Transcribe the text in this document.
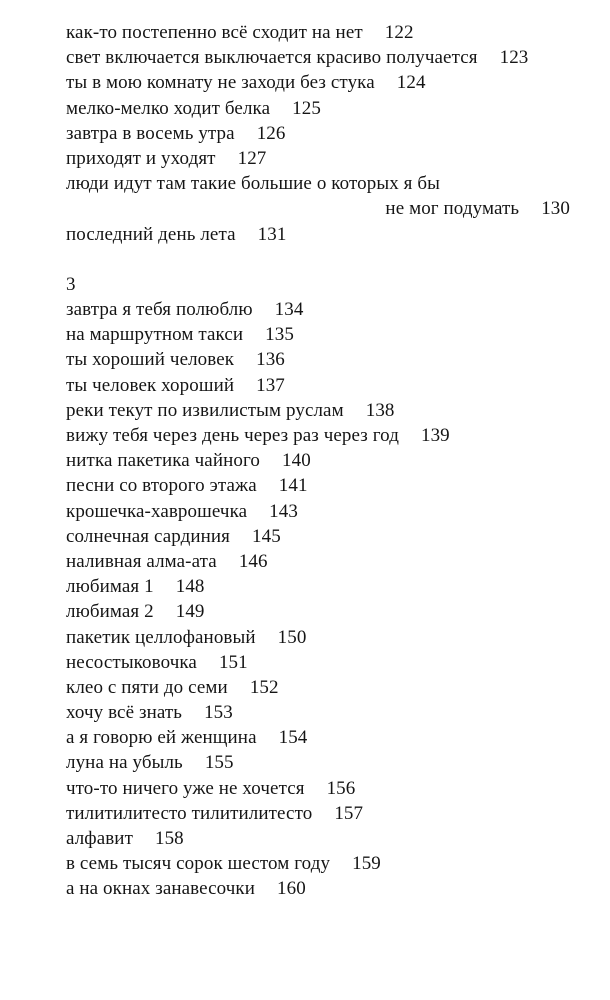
как-то постепенно всё сходит на нет 122
свет включается выключается красиво получается 123
ты в мою комнату не заходи без стука 124
мелко-мелко ходит белка 125
завтра в восемь утра 126
приходят и уходят 127
люди идут там такие большие о которых я бы
не мог подумать 130
последний день лета 131
3
завтра я тебя полюблю 134
на маршрутном такси 135
ты хороший человек 136
ты человек хороший 137
реки текут по извилистым руслам 138
вижу тебя через день через раз через год 139
нитка пакетика чайного 140
песни со второго этажа 141
крошечка-хаврошечка 143
солнечная сардиния 145
наливная алма-ата 146
любимая 1 148
любимая 2 149
пакетик целлофановый 150
несостыковочка 151
клео с пяти до семи 152
хочу всё знать 153
а я говорю ей женщина 154
луна на убыль 155
что-то ничего уже не хочется 156
тилитилитесто тилитилитесто 157
алфавит 158
в семь тысяч сорок шестом году 159
а на окнах занавесочки 160
